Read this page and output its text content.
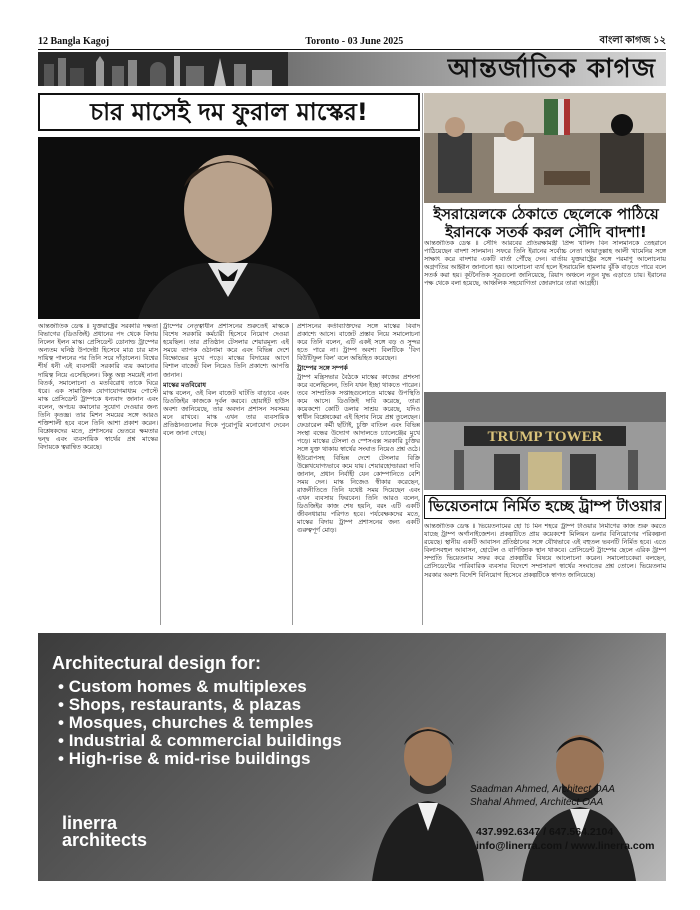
12 Bangla Kagoj	Toronto - 03 June 2025	বাংলা কাগজ ১২
আন্তর্জাতিক কাগজ
চার মাসেই দম ফুরাল মাস্কের!

আন্তর্জাতিক ডেস্ক ॥ যুক্তরাষ্ট্রের সরকারি দক্ষতা বিভাগের (ডিওজিই) প্রধানের পদ থেকে বিদায় নিলেন ইলন মাস্ক। প্রেসিডেন্ট ডোনাল্ড ট্রাম্পের অন্যতম ঘনিষ্ঠ উপদেষ্টা হিসেবে মাত্র চার মাস দায়িত্ব পালনের পর তিনি সরে দাঁড়ালেন। বিশ্বের শীর্ষ ধনী এই ব্যবসায়ী সরকারি ব্যয় কমানোর দায়িত্ব নিয়ে এসেছিলেন। কিন্তু অল্প সময়েই নানা বিতর্ক, সমালোচনা ও মতবিরোধ তাকে ঘিরে ধরে। এক সামাজিক যোগাযোগমাধ্যম পোস্টে মাস্ক প্রেসিডেন্ট ট্রাম্পকে ধন্যবাদ জানান এবং বলেন, অপচয় কমানোর সুযোগ দেওয়ার জন্য তিনি কৃতজ্ঞ। তার মিশন সময়ের সঙ্গে আরও শক্তিশালী হবে বলে তিনি আশা প্রকাশ করেন। বিশ্লেষকদের মতে, প্রশাসনের ভেতরে ক্ষমতার দ্বন্দ্ব এবং ব্যবসায়িক স্বার্থের প্রশ্ন মাস্কের বিদায়কে ত্বরান্বিত করেছে।

ট্রাম্পের নেতৃত্বাধীন প্রশাসনের শুরুতেই মাস্ককে বিশেষ সরকারি কর্মচারী হিসেবে নিয়োগ দেওয়া হয়েছিল। তার প্রতিষ্ঠান টেসলার শেয়ারমূল্য এই সময়ে ব্যাপক ওঠানামা করে এবং বিভিন্ন দেশে বিক্ষোভের মুখে পড়ে। মাস্কের বিদায়ের আগে বিশাল বাজেট বিল নিয়েও তিনি প্রকাশ্যে আপত্তি জানান।

মাস্কের মতবিরোধ

মাস্ক বলেন, ওই বিল বাজেট ঘাটতি বাড়াবে এবং ডিওজিইর কাজকে দুর্বল করবে। হোয়াইট হাউস অবশ্য জানিয়েছে, তার অবদান প্রশাসন সবসময় মনে রাখবে। মাস্ক এখন তার ব্যবসায়িক প্রতিষ্ঠানগুলোর দিকে পুরোপুরি মনোযোগ দেবেন বলে জানা গেছে।

প্রশাসনের কর্তাব্যক্তিদের সঙ্গে মাস্কের বিবাদ প্রকাশ্যে আসে। বাজেট প্রস্তাব নিয়ে সমালোচনা করে তিনি বলেন, এটি একই সঙ্গে বড় ও সুন্দর হতে পারে না। ট্রাম্প অবশ্য বিলটিকে 'বিগ বিউটিফুল বিল' বলে অভিহিত করেছেন।

ট্রাম্পের সঙ্গে সম্পর্ক

ট্রাম্প মন্ত্রিসভার বৈঠকে মাস্কের কাজের প্রশংসা করে বলেছিলেন, তিনি যখন ইচ্ছা থাকতে পারেন। তবে সাম্প্রতিক সপ্তাহগুলোতে মাস্কের উপস্থিতি কমে আসে। ডিওজিই দাবি করেছে, তারা কয়েকশো কোটি ডলার সাশ্রয় করেছে, যদিও স্বাধীন বিশ্লেষকেরা এই হিসাব নিয়ে প্রশ্ন তুলেছেন। ফেডারেল কর্মী ছাঁটাই, চুক্তি বাতিল এবং বিভিন্ন সংস্থা বন্ধের উদ্যোগ আদালতে চ্যালেঞ্জের মুখে পড়ে। মাস্কের টেসলা ও স্পেসএক্স সরকারি চুক্তির সঙ্গে যুক্ত থাকায় স্বার্থের সংঘাত নিয়েও প্রশ্ন ওঠে। ইউরোপসহ বিভিন্ন দেশে টেসলার বিক্রি উল্লেখযোগ্যভাবে কমে যায়। শেয়ারহোল্ডাররা দাবি জানান, প্রধান নির্বাহী যেন কোম্পানিতে বেশি সময় দেন। মাস্ক নিজেও স্বীকার করেছেন, রাজনীতিতে তিনি যথেষ্ট সময় দিয়েছেন এবং এখন ব্যবসায় ফিরবেন। তিনি আরও বলেন, ডিওজিইর কাজ শেষ হয়নি, বরং এটি একটি জীবনধারায় পরিণত হবে। পর্যবেক্ষকদের মতে, মাস্কের বিদায় ট্রাম্প প্রশাসনের জন্য একটি গুরুত্বপূর্ণ মোড়।

ইসরায়েলকে ঠেকাতে ছেলেকে পাঠিয়ে ইরানকে সতর্ক করল সৌদি বাদশা!

আন্তর্জাতিক ডেস্ক ॥ সৌদি আরবের প্রতিরক্ষামন্ত্রী প্রিন্স খালিদ বিন সালমানকে তেহরানে পাঠিয়েছেন বাদশা সালমান। সফরে তিনি ইরানের সর্বোচ্চ নেতা আয়াতুল্লাহ আলী খামেনির সঙ্গে সাক্ষাৎ করে বাদশার একটি বার্তা পৌঁছে দেন। বার্তায় যুক্তরাষ্ট্রের সঙ্গে পরমাণু আলোচনায় অগ্রগতির আহ্বান জানানো হয়। আলোচনা ব্যর্থ হলে ইসরায়েলি হামলার ঝুঁকি বাড়তে পারে বলে সতর্ক করা হয়। কূটনৈতিক সূত্রগুলো জানিয়েছে, রিয়াদ অঞ্চলে নতুন যুদ্ধ এড়াতে চায়। ইরানের পক্ষ থেকে বলা হয়েছে, আঞ্চলিক সহযোগিতা জোরদারে তারা আগ্রহী।

TRUMP TOWER
ভিয়েতনামে নির্মিত হচ্ছে ট্রাম্প টাওয়ার

আন্তর্জাতিক ডেস্ক ॥ ভিয়েতনামের হো চি মিন শহরে ট্রাম্প টাওয়ার নির্মাণের কাজ শুরু করতে যাচ্ছে ট্রাম্প অর্গানাইজেশন। প্রকল্পটিতে প্রায় কয়েকশো মিলিয়ন ডলার বিনিয়োগের পরিকল্পনা রয়েছে। স্থানীয় একটি আবাসন প্রতিষ্ঠানের সঙ্গে যৌথভাবে এই বহুতল ভবনটি নির্মিত হবে। এতে বিলাসবহুল আবাসন, হোটেল ও বাণিজ্যিক স্থান থাকবে। প্রেসিডেন্ট ট্রাম্পের ছেলে এরিক ট্রাম্প সম্প্রতি ভিয়েতনাম সফর করে প্রকল্পটির বিষয়ে আলোচনা করেন। সমালোচকেরা বলছেন, প্রেসিডেন্টের পারিবারিক ব্যবসার বিদেশে সম্প্রসারণ স্বার্থের সংঘাতের প্রশ্ন তোলে। ভিয়েতনাম সরকার অবশ্য বিদেশি বিনিয়োগ হিসেবে প্রকল্পটিকে স্বাগত জানিয়েছে।

Architectural design for:
• Custom homes & multiplexes
• Shops, restaurants, & plazas
• Mosques, churches & temples
• Industrial & commercial buildings
• High-rise & mid-rise buildings
linerra
architects
Saadman Ahmed, Architect OAA
Shahal Ahmed, Architect OAA
437.992.6347 / 647.564.2104
info@linerra.com / www.linerra.com
